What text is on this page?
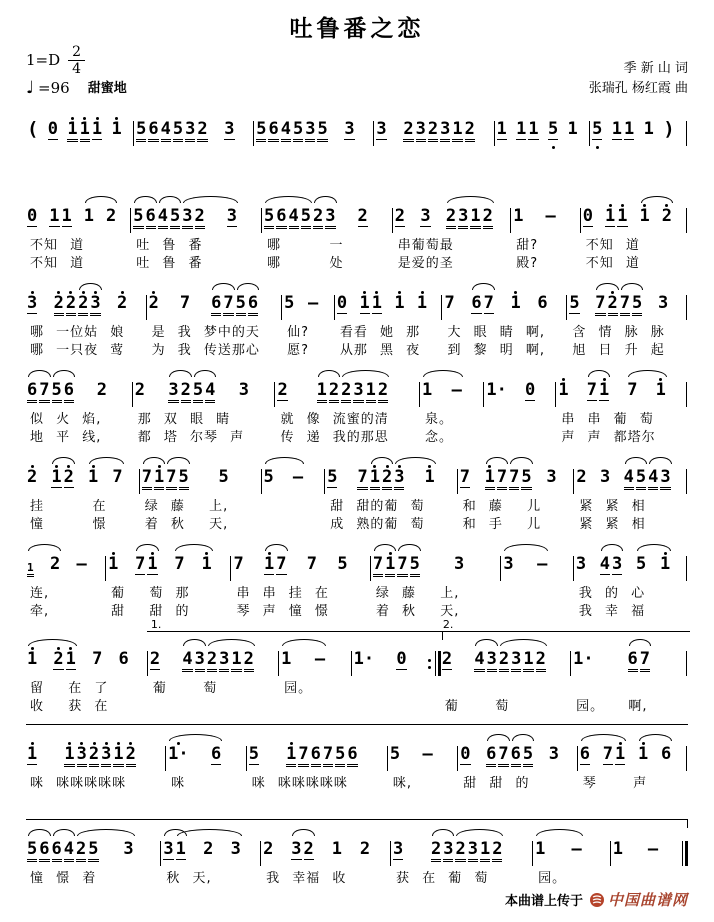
吐鲁番之恋
$1=D \frac{2}{4}$
♩ =96 甜蜜地
季 新 山 词
张瑞孔 杨红霞 曲
( 0 1 1 1 1 5 6 4 5 3 2 3 5 6 4 5 3 5 3 3 2 3 2 3 1 2 1 1 1 5 1 5 1 1 1 )
0 1 1 1 2
不知 道
不知 道
5 6 4 5 3 2 3
吐 鲁 番
吐 鲁 番
5 6 4 5 2 3 2
哪    一
哪    处
2 3 2 3 1 2
串葡萄最
是爱的圣
1 —
甜?
殿?
0 1 1 1 2
不知 道
不知 道
3 2 2 2 3 2
哪 一位姑 娘
哪 一只夜 莺
2 7 6 7 5 6
是 我 梦中的天
为 我 传送那心
5 —
仙?
愿?
0 1 1 1 1
看看 她 那
从那 黑 夜
7 6 7 1 6
大 眼 睛 啊,
到 黎 明 啊,
5 7 2 7 5 3
含 情 脉 脉
旭 日 升 起
6 7 5 6 2
似 火 焰,
地 平 线,
2 3 2 5 4 3
那 双 眼 睛
都 塔 尔琴 声
2 1 2 2 3 1 2
就 像 流蜜的清
传 递 我的那思
1 —
泉。
念。
1· 0 1 7 1 7 1
串 串 葡 萄
声 声 都塔尔
2 1 2 1 7
挂    在
憧    憬
7 1 7 5 5
绿 藤  上,
着 秋  天,
5 — 5 7 1 2 3 1
甜 甜的葡 萄
成 熟的葡 萄
7 1 7 7 5 3
和 藤  儿
和 手  儿
2 3 4 5 4 3
紧 紧 相
紧 紧 相
1 2 —
连,
牵,
1 7 1 7 1
葡  萄 那
甜  甜 的
7 1 7 7 5
串 串 挂 在
琴 声 憧 憬
7 1 7 5 3
绿 藤  上,
着 秋  天,
3 — 3 4 3 5 1
我 的 心
我 幸 福
1 2 1 7 6
留  在 了
收  获 在
1.
2 4 3 2 3 1 2
葡   萄
1 —
园。
1· 0
2.
2 4 3 2 3 1 2
葡   萄
1· 6 7
园。  啊,
1 1 3 2 3 1 2
咪 咪咪咪咪咪
1· 6
咪
5 1 7 6 7 5 6
咪 咪咪咪咪咪
5 —
咪,
0 6 7 6 5 3
甜 甜 的
6 7 1 1 6
琴   声
5 6 6 4 2 5 3
憧 憬 着
3 1 2 3
秋 天,
2 3 2 1 2
我 幸福 收
3 2 3 2 3 1 2
获 在 葡 萄
1 —
园。
1 —
本曲谱上传于 中国曲谱网
